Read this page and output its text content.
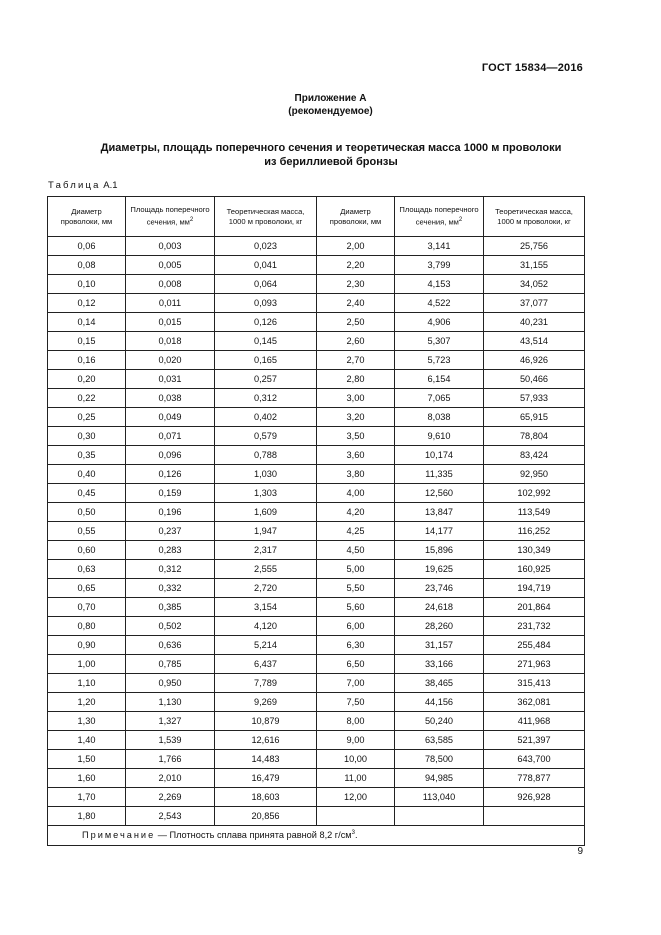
ГОСТ 15834—2016
Приложение А
(рекомендуемое)
Диаметры, площадь поперечного сечения и теоретическая масса 1000 м проволоки
из бериллиевой бронзы
Таблица А.1
Диаметр проволоки, мм	Площадь поперечного сечения, $мм^2$	Теоретическая масса, 1000 м проволоки, кг	Диаметр проволоки, мм	Площадь поперечного сечения, $мм^2$	Теоретическая масса, 1000 м проволоки, кг
0,06	0,003	0,023	2,00	3,141	25,756
0,08	0,005	0,041	2,20	3,799	31,155
0,10	0,008	0,064	2,30	4,153	34,052
0,12	0,011	0,093	2,40	4,522	37,077
0,14	0,015	0,126	2,50	4,906	40,231
0,15	0,018	0,145	2,60	5,307	43,514
0,16	0,020	0,165	2,70	5,723	46,926
0,20	0,031	0,257	2,80	6,154	50,466
0,22	0,038	0,312	3,00	7,065	57,933
0,25	0,049	0,402	3,20	8,038	65,915
0,30	0,071	0,579	3,50	9,610	78,804
0,35	0,096	0,788	3,60	10,174	83,424
0,40	0,126	1,030	3,80	11,335	92,950
0,45	0,159	1,303	4,00	12,560	102,992
0,50	0,196	1,609	4,20	13,847	113,549
0,55	0,237	1,947	4,25	14,177	116,252
0,60	0,283	2,317	4,50	15,896	130,349
0,63	0,312	2,555	5,00	19,625	160,925
0,65	0,332	2,720	5,50	23,746	194,719
0,70	0,385	3,154	5,60	24,618	201,864
0,80	0,502	4,120	6,00	28,260	231,732
0,90	0,636	5,214	6,30	31,157	255,484
1,00	0,785	6,437	6,50	33,166	271,963
1,10	0,950	7,789	7,00	38,465	315,413
1,20	1,130	9,269	7,50	44,156	362,081
1,30	1,327	10,879	8,00	50,240	411,968
1,40	1,539	12,616	9,00	63,585	521,397
1,50	1,766	14,483	10,00	78,500	643,700
1,60	2,010	16,479	11,00	94,985	778,877
1,70	2,269	18,603	12,00	113,040	926,928
1,80	2,543	20,856			
Примечание — Плотность сплава принята равной 8,2 $г/см^3$.					
9
